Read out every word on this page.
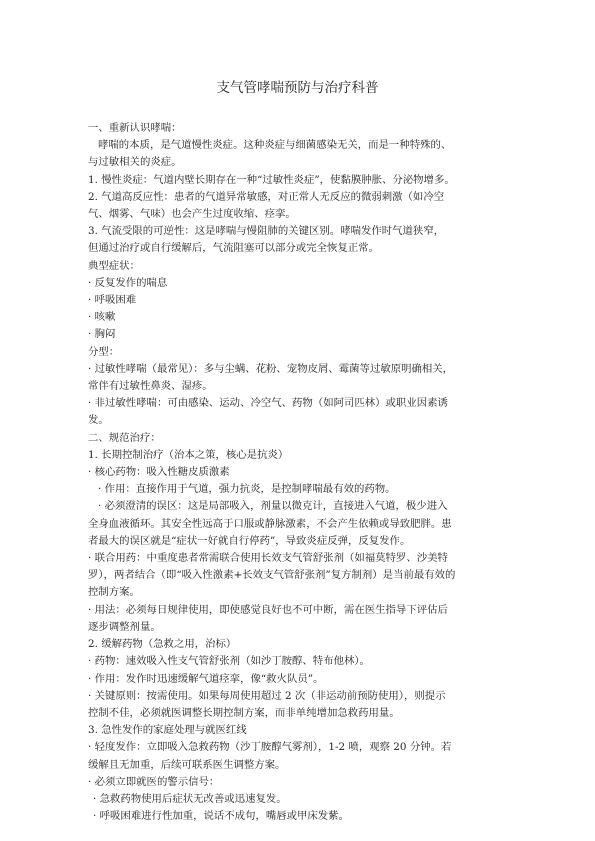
支气管哮喘预防与治疗科普

一、重新认识哮喘：

哮喘的本质，是气道慢性炎症。这种炎症与细菌感染无关，而是一种特殊的、

与过敏相关的炎症。

1. 慢性炎症：气道内壁长期存在一种“过敏性炎症”，使黏膜肿胀、分泌物增多。

2. 气道高反应性：患者的气道异常敏感，对正常人无反应的微弱刺激（如冷空

气、烟雾、气味）也会产生过度收缩、痉挛。

3. 气流受限的可逆性：这是哮喘与慢阻肺的关键区别。哮喘发作时气道狭窄，

但通过治疗或自行缓解后，气流阻塞可以部分或完全恢复正常。

典型症状：

· 反复发作的喘息

· 呼吸困难

· 咳嗽

· 胸闷

分型：

· 过敏性哮喘（最常见）：多与尘螨、花粉、宠物皮屑、霉菌等过敏原明确相关，

常伴有过敏性鼻炎、湿疹。

· 非过敏性哮喘：可由感染、运动、冷空气、药物（如阿司匹林）或职业因素诱

发。

二、规范治疗：

1. 长期控制治疗（治本之策，核心是抗炎）

· 核心药物：吸入性糖皮质激素

· 作用：直接作用于气道，强力抗炎，是控制哮喘最有效的药物。

· 必须澄清的误区：这是局部吸入，剂量以微克计，直接进入气道，极少进入

全身血液循环。其安全性远高于口服或静脉激素，不会产生依赖或导致肥胖。患

者最大的误区就是“症状一好就自行停药”，导致炎症反弹，反复发作。

· 联合用药：中重度患者常需联合使用长效支气管舒张剂（如福莫特罗、沙美特

罗），两者结合（即“吸入性激素+长效支气管舒张剂”复方制剂）是当前最有效的

控制方案。

· 用法：必须每日规律使用，即使感觉良好也不可中断，需在医生指导下评估后

逐步调整剂量。

2. 缓解药物（急救之用，治标）

· 药物：速效吸入性支气管舒张剂（如沙丁胺醇、特布他林）。

· 作用：发作时迅速缓解气道痉挛，像“救火队员”。

· 关键原则：按需使用。如果每周使用超过 2 次（非运动前预防使用），则提示

控制不佳，必须就医调整长期控制方案，而非单纯增加急救药用量。

3. 急性发作的家庭处理与就医红线

· 轻度发作：立即吸入急救药物（沙丁胺醇气雾剂），1-2 喷，观察 20 分钟。若

缓解且无加重，后续可联系医生调整方案。

· 必须立即就医的警示信号：

· 急救药物使用后症状无改善或迅速复发。

· 呼吸困难进行性加重，说话不成句，嘴唇或甲床发紫。
